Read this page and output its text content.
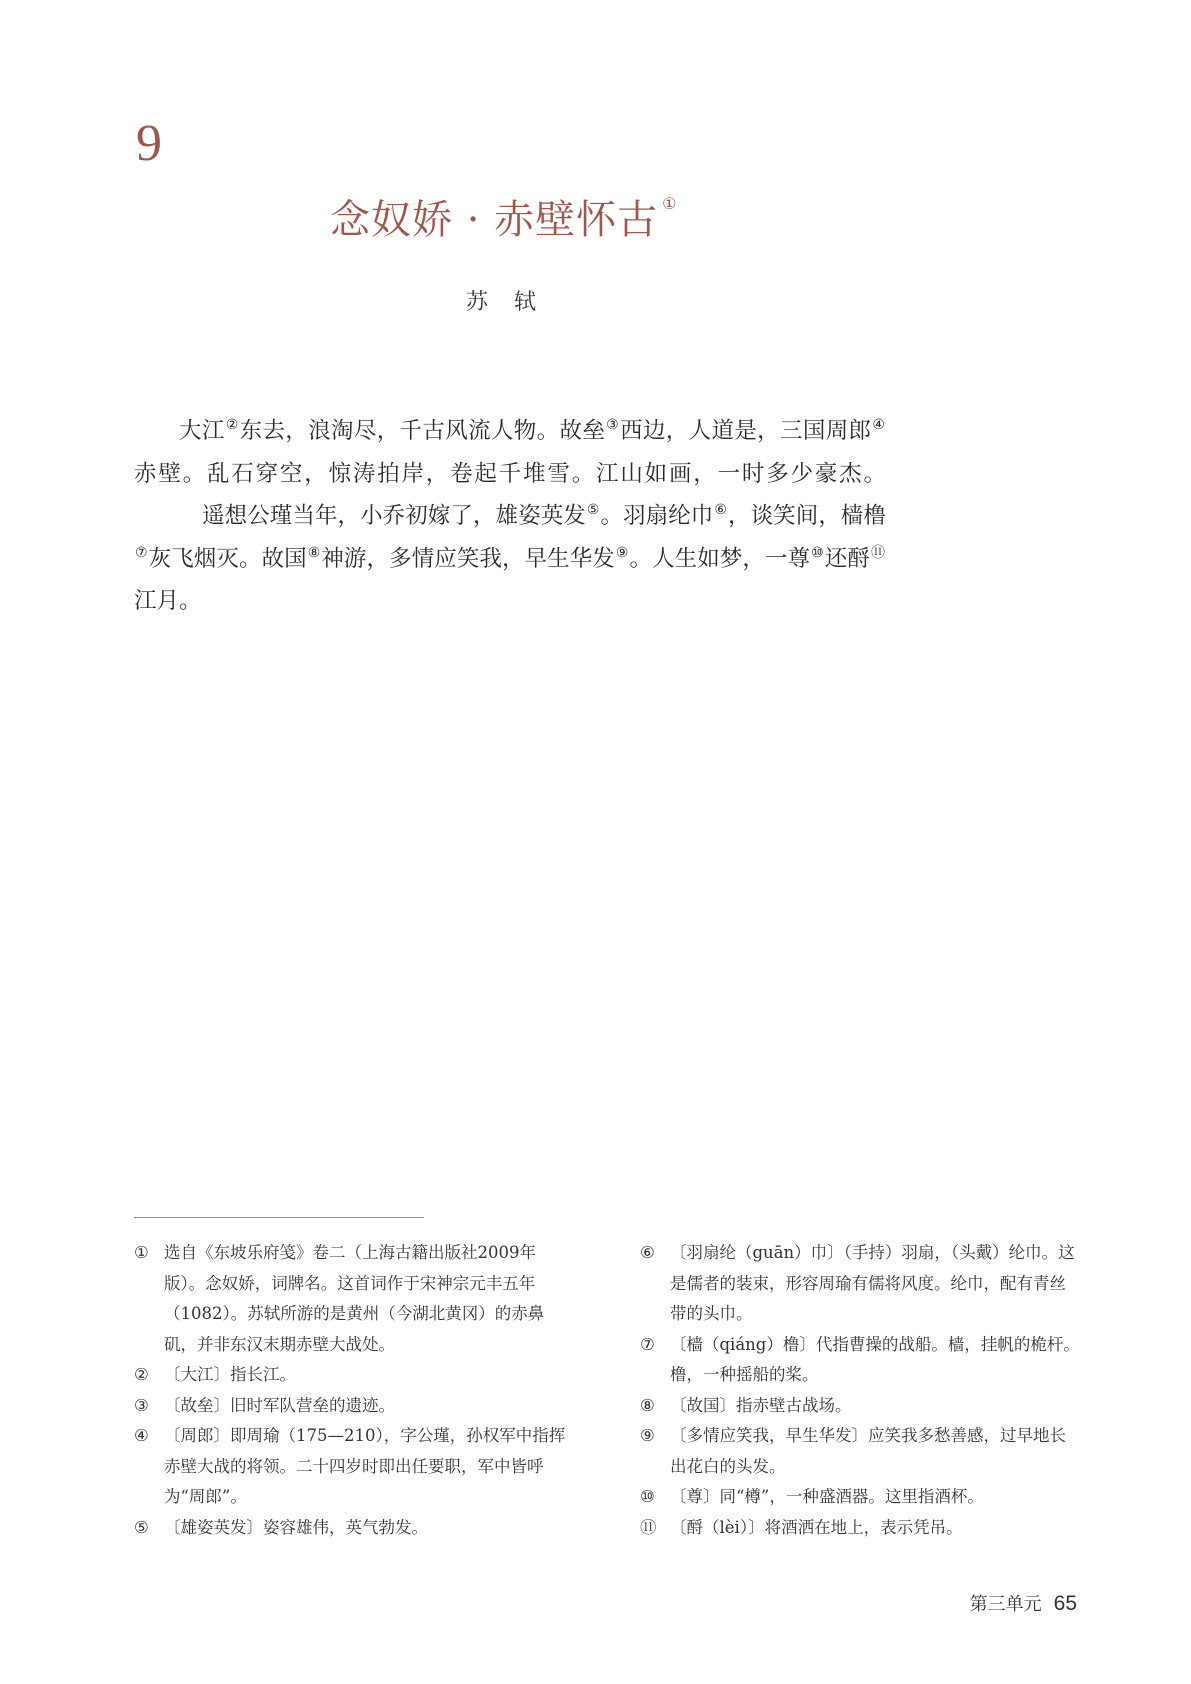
9
念奴娇 · 赤壁怀古 ①
苏轼

大江②东去，浪淘尽，千古风流人物。故垒③西边，人道是，三国周郎④赤壁。乱石穿空，惊涛拍岸，卷起千堆雪。江山如画，一时多少豪杰。遥想公瑾当年，小乔初嫁了，雄姿英发⑤。羽扇纶巾⑥，谈笑间，樯橹⑦灰飞烟灭。故国⑧神游，多情应笑我，早生华发⑨。人生如梦，一尊⑩还酹⑪江月。

① 选自《东坡乐府笺》卷二（上海古籍出版社2009年版）。念奴娇，词牌名。这首词作于宋神宗元丰五年（1082）。苏轼所游的是黄州（今湖北黄冈）的赤鼻矶，并非东汉末期赤壁大战处。

② 〔大江〕指长江。

③ 〔故垒〕旧时军队营垒的遗迹。

④ 〔周郎〕即周瑜（175—210），字公瑾，孙权军中指挥赤壁大战的将领。二十四岁时即出任要职，军中皆呼为“周郎”。

⑤ 〔雄姿英发〕姿容雄伟，英气勃发。

⑥ 〔羽扇纶（guān）巾〕（手持）羽扇，（头戴）纶巾。这是儒者的装束，形容周瑜有儒将风度。纶巾，配有青丝带的头巾。

⑦ 〔樯（qiáng）橹〕代指曹操的战船。樯，挂帆的桅杆。橹，一种摇船的桨。

⑧ 〔故国〕指赤壁古战场。

⑨ 〔多情应笑我，早生华发〕应笑我多愁善感，过早地长出花白的头发。

⑩ 〔尊〕同“樽”，一种盛酒器。这里指酒杯。

⑪ 〔酹（lèi）〕将酒洒在地上，表示凭吊。

第三单元 65
